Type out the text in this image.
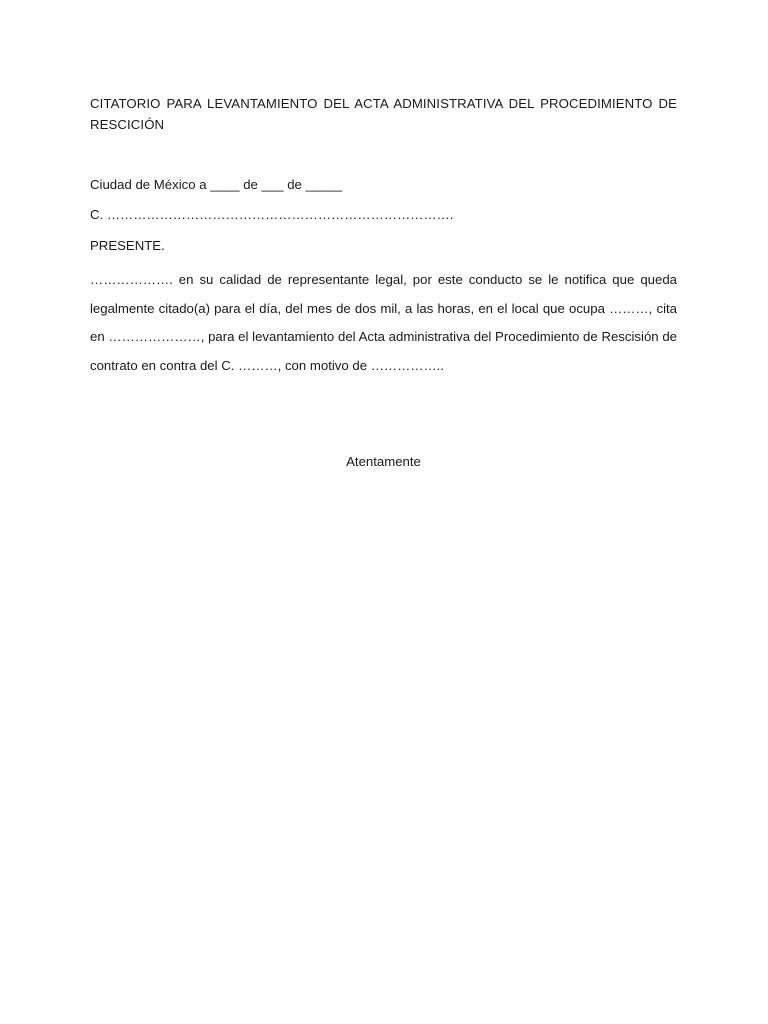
CITATORIO PARA LEVANTAMIENTO DEL ACTA ADMINISTRATIVA DEL PROCEDIMIENTO DE RESCICIÓN

Ciudad de México a ____ de ___ de _____

C. …………………………………………………………………….

PRESENTE.

………………. en su calidad de representante legal, por este conducto se le notifica que queda legalmente citado(a) para el día, del mes de dos mil, a las horas, en el local que ocupa ………, cita en …………………, para el levantamiento del Acta administrativa del Procedimiento de Rescisión de contrato en contra del C. ………, con motivo de ……………..

Atentamente
